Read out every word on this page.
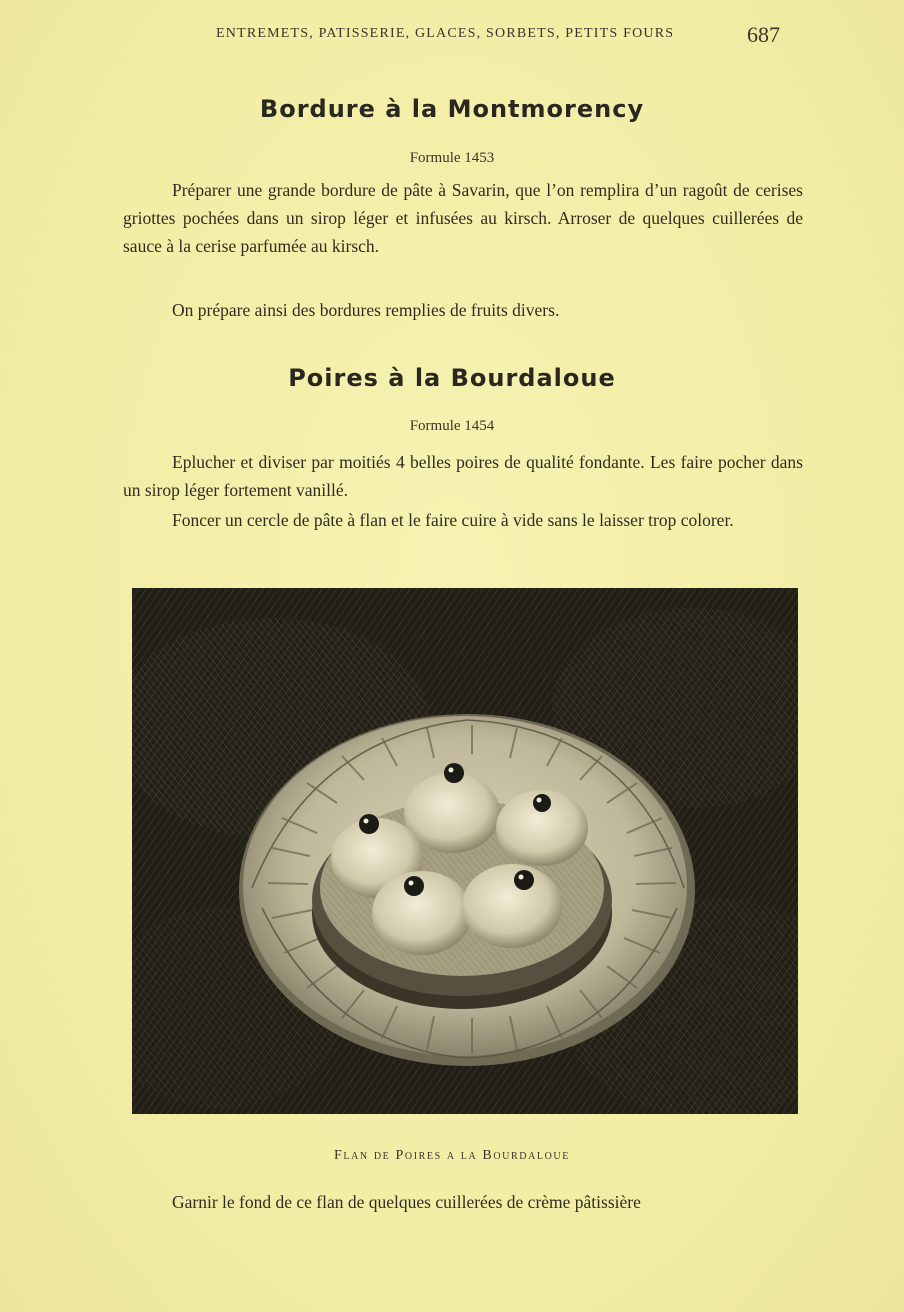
ENTREMETS, PATISSERIE, GLACES, SORBETS, PETITS FOURS	687
Bordure à la Montmorency
Formule 1453

Préparer une grande bordure de pâte à Savarin, que l’on remplira d’un ragoût de cerises griottes pochées dans un sirop léger et infusées au kirsch. Arroser de quelques cuillerées de sauce à la cerise parfumée au kirsch.

On prépare ainsi des bordures remplies de fruits divers.

Poires à la Bourdaloue
Formule 1454

Eplucher et diviser par moitiés 4 belles poires de qualité fondante. Les faire pocher dans un sirop léger fortement vanillé.

Foncer un cercle de pâte à flan et le faire cuire à vide sans le laisser trop colorer.

Flan de Poires a la Bourdaloue

Garnir le fond de ce flan de quelques cuillerées de crème pâtissière
